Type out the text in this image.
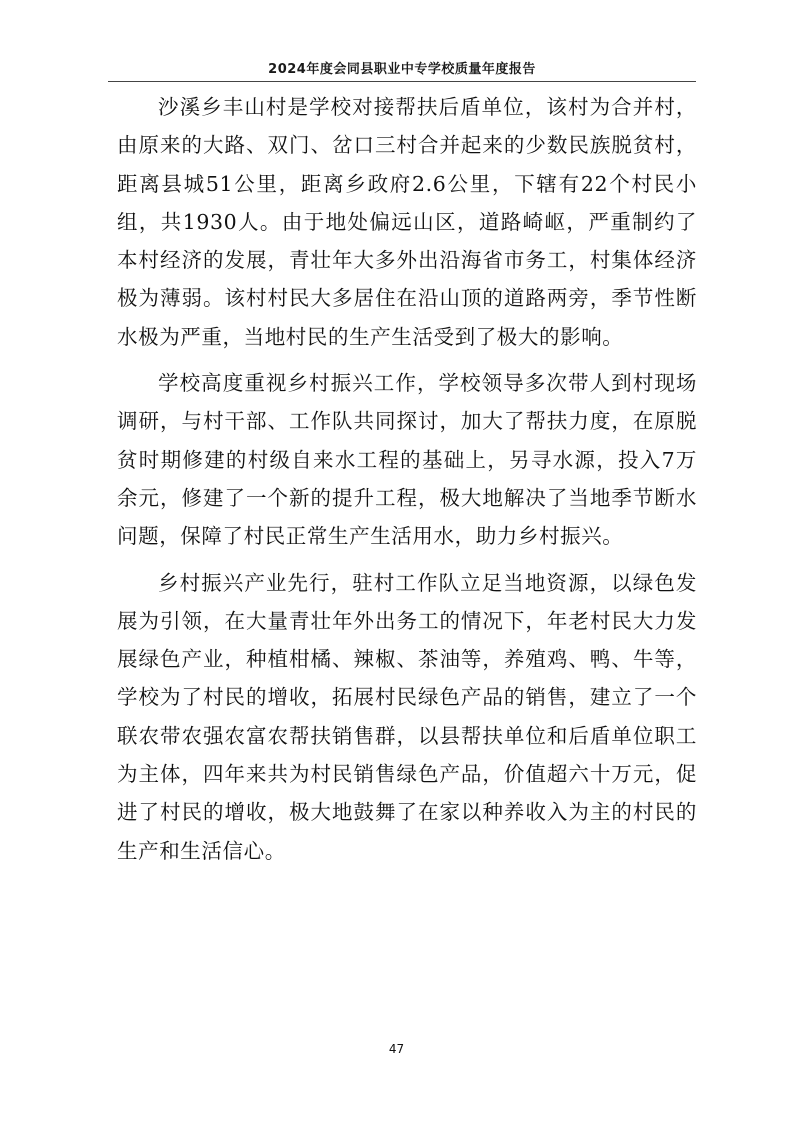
2024年度会同县职业中专学校质量年度报告

沙溪乡丰山村是学校对接帮扶后盾单位，该村为合并村，由原来的大路、双门、岔口三村合并起来的少数民族脱贫村，距离县城51公里，距离乡政府2.6公里，下辖有22个村民小组，共1930人。由于地处偏远山区，道路崎岖，严重制约了本村经济的发展，青壮年大多外出沿海省市务工，村集体经济极为薄弱。该村村民大多居住在沿山顶的道路两旁，季节性断水极为严重，当地村民的生产生活受到了极大的影响。

学校高度重视乡村振兴工作，学校领导多次带人到村现场调研，与村干部、工作队共同探讨，加大了帮扶力度，在原脱贫时期修建的村级自来水工程的基础上，另寻水源，投入7万余元，修建了一个新的提升工程，极大地解决了当地季节断水问题，保障了村民正常生产生活用水，助力乡村振兴。

乡村振兴产业先行，驻村工作队立足当地资源，以绿色发展为引领，在大量青壮年外出务工的情况下，年老村民大力发展绿色产业，种植柑橘、辣椒、茶油等，养殖鸡、鸭、牛等，学校为了村民的增收，拓展村民绿色产品的销售，建立了一个联农带农强农富农帮扶销售群，以县帮扶单位和后盾单位职工为主体，四年来共为村民销售绿色产品，价值超六十万元，促进了村民的增收，极大地鼓舞了在家以种养收入为主的村民的生产和生活信心。

47
